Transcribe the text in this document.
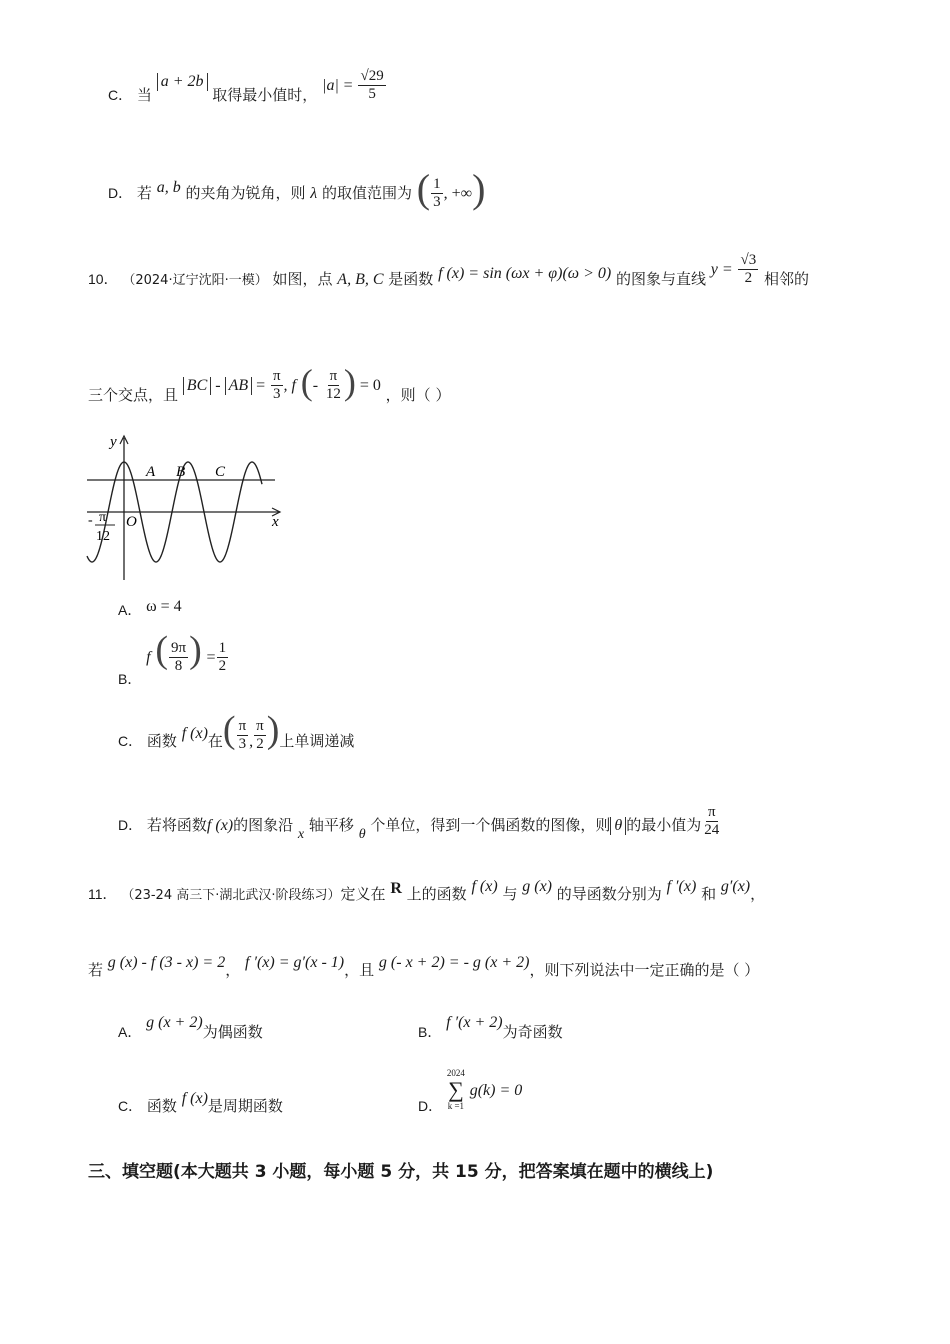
C． 当 a + 2b 取得最小值时， $|a| = \frac{√29}{5}$
D． 若 a, b 的夹角为锐角，则 λ 的取值范围为 ( $\frac{1}{3}$ , +∞)
10． （2024·辽宁沈阳·一模） 如图，点 A, B, C 是函数 f (x) = sin (ωx + φ)(ω > 0) 的图象与直线 $y = \frac{√3}{2}$ 相邻的
三个交点，且 BC - AB = $\frac{\pi}{3}$ , f (- $\frac{\pi}{12}$ ) = 0 ，则（ ）
y
x
O
A B C
- π
12
A． ω = 4
B． f ( $\frac{9\pi}{8}$ ) = $\frac{1}{2}$
C． 函数 f (x)在( $\frac{\pi}{3}$ , $\frac{\pi}{2}$ )上单调递减
D． 若将函数f (x)的图象沿 x 轴平移 θ 个单位，得到一个偶函数的图像，则 θ 的最小值为 $\frac{\pi}{24}$
11． （23-24 高三下·湖北武汉·阶段练习）定义在 R 上的函数 f (x) 与 g (x) 的导函数分别为 f ′(x) 和 g′(x)，
若 g (x) - f (3 - x) = 2， f ′(x) = g′(x - 1)，且 g (- x + 2) = - g (x + 2)，则下列说法中一定正确的是（ ）
A． g (x + 2)为偶函数	B． f ′(x + 2)为奇函数
C． 函数 f (x)是周期函数	D．
2024
∑
k =1
g(k) = 0
三、填空题(本大题共 3 小题，每小题 5 分，共 15 分，把答案填在题中的横线上)
